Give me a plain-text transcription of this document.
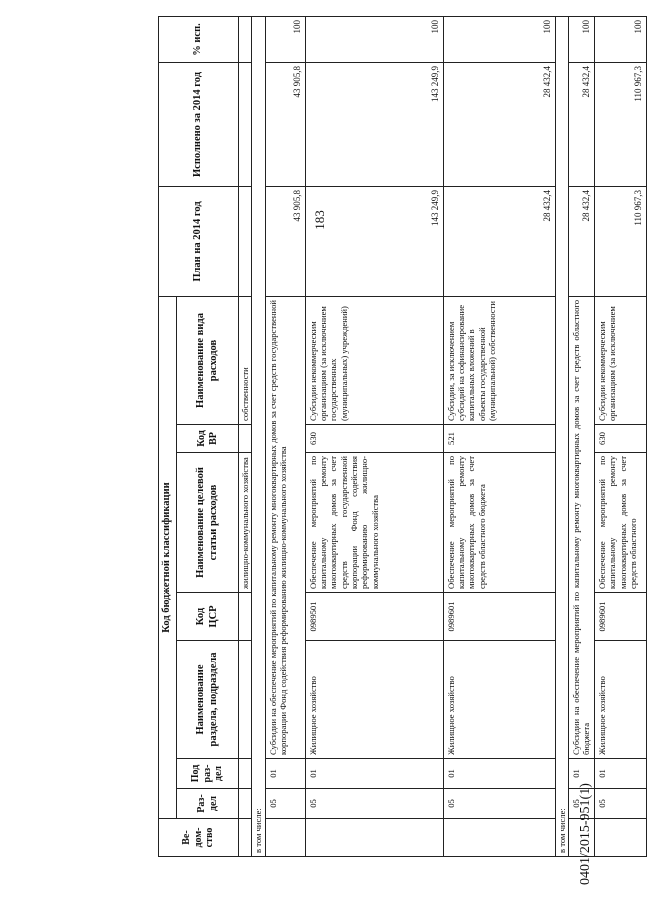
183
Ве-дом-ство	Код бюджетной классификации							План на 2014 год	Исполнено за 2014 год	% исп.
	Раз-дел	Под раз-дел	Наименование раздела, подраздела	Код ЦСР	Наименование целевой статьи расходов	Код ВР	Наименование вида расходов			
					жилищно-коммунального хозяйства		собственности			
в том числе:										
	05	01	Субсидии на обеспечение мероприятий по капитальному ремонту многоквартирных домов за счет средств государственной корпорации Фонд содействия реформированию жилищно-коммунального хозяйства					43 905,8	43 905,8	100
	05	01	Жилищное хозяйство	0989501	Обеспечение мероприятий по капитальному ремонту многоквартирных домов за счет средств государственной корпорации Фонд содействия реформированию жилищно-коммунального хозяйства	630	Субсидии некоммерческим организациям (за исключением государственных (муниципальных) учреждений)	143 249,9	143 249,9	100
	05	01	Жилищное хозяйство	0989601	Обеспечение мероприятий по капитальному ремонту многоквартирных домов за счет средств областного бюджета	521	Субсидии, за исключением субсидий на софинансирование капитальных вложений в объекты государственной (муниципальной) собственности	28 432,4	28 432,4	100
в том числе:										
	05	01	Субсидии на обеспечение мероприятий по капитальному ремонту многоквартирных домов за счет средств областного бюджета					28 432,4	28 432,4	100
	05	01	Жилищное хозяйство	0989601	Обеспечение мероприятий по капитальному ремонту многоквартирных домов за счет средств областного	630	Субсидии некоммерческим организациям (за исключением	110 967,3	110 967,3	100
0401/2015-951(1)
